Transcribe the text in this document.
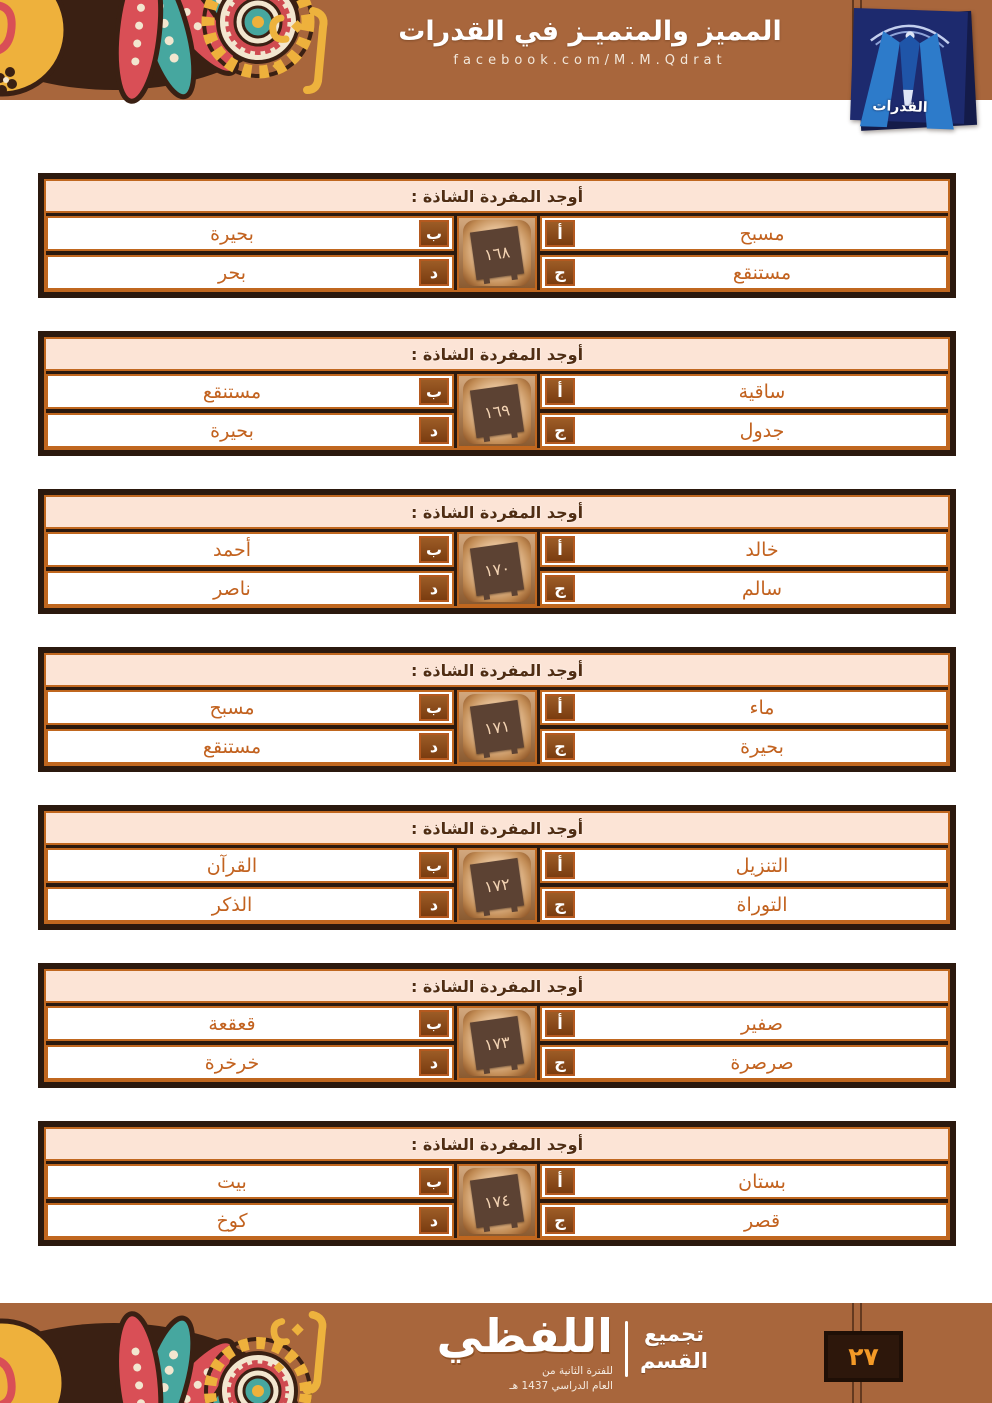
المميز والمتميـز في القدرات
facebook.com/M.M.Qdrat
القدرات
أوجد المفردة الشاذة :
مسبح
أ
مستنقع
ج
١٦٨
ب
بحيرة
د
بحر
أوجد المفردة الشاذة :
ساقية
أ
جدول
ج
١٦٩
ب
مستنقع
د
بحيرة
أوجد المفردة الشاذة :
خالد
أ
سالم
ج
١٧٠
ب
أحمد
د
ناصر
أوجد المفردة الشاذة :
ماء
أ
بحيرة
ج
١٧١
ب
مسبح
د
مستنقع
أوجد المفردة الشاذة :
التنزيل
أ
التوراة
ج
١٧٢
ب
القرآن
د
الذكر
أوجد المفردة الشاذة :
صفير
أ
صرصرة
ج
١٧٣
ب
قعقعة
د
خرخرة
أوجد المفردة الشاذة :
بستان
أ
قصر
ج
١٧٤
ب
بيت
د
كوخ
تجميع
القسم
اللفظي
للفترة الثانية من
العام الدراسي 1437 هـ
٢٧
